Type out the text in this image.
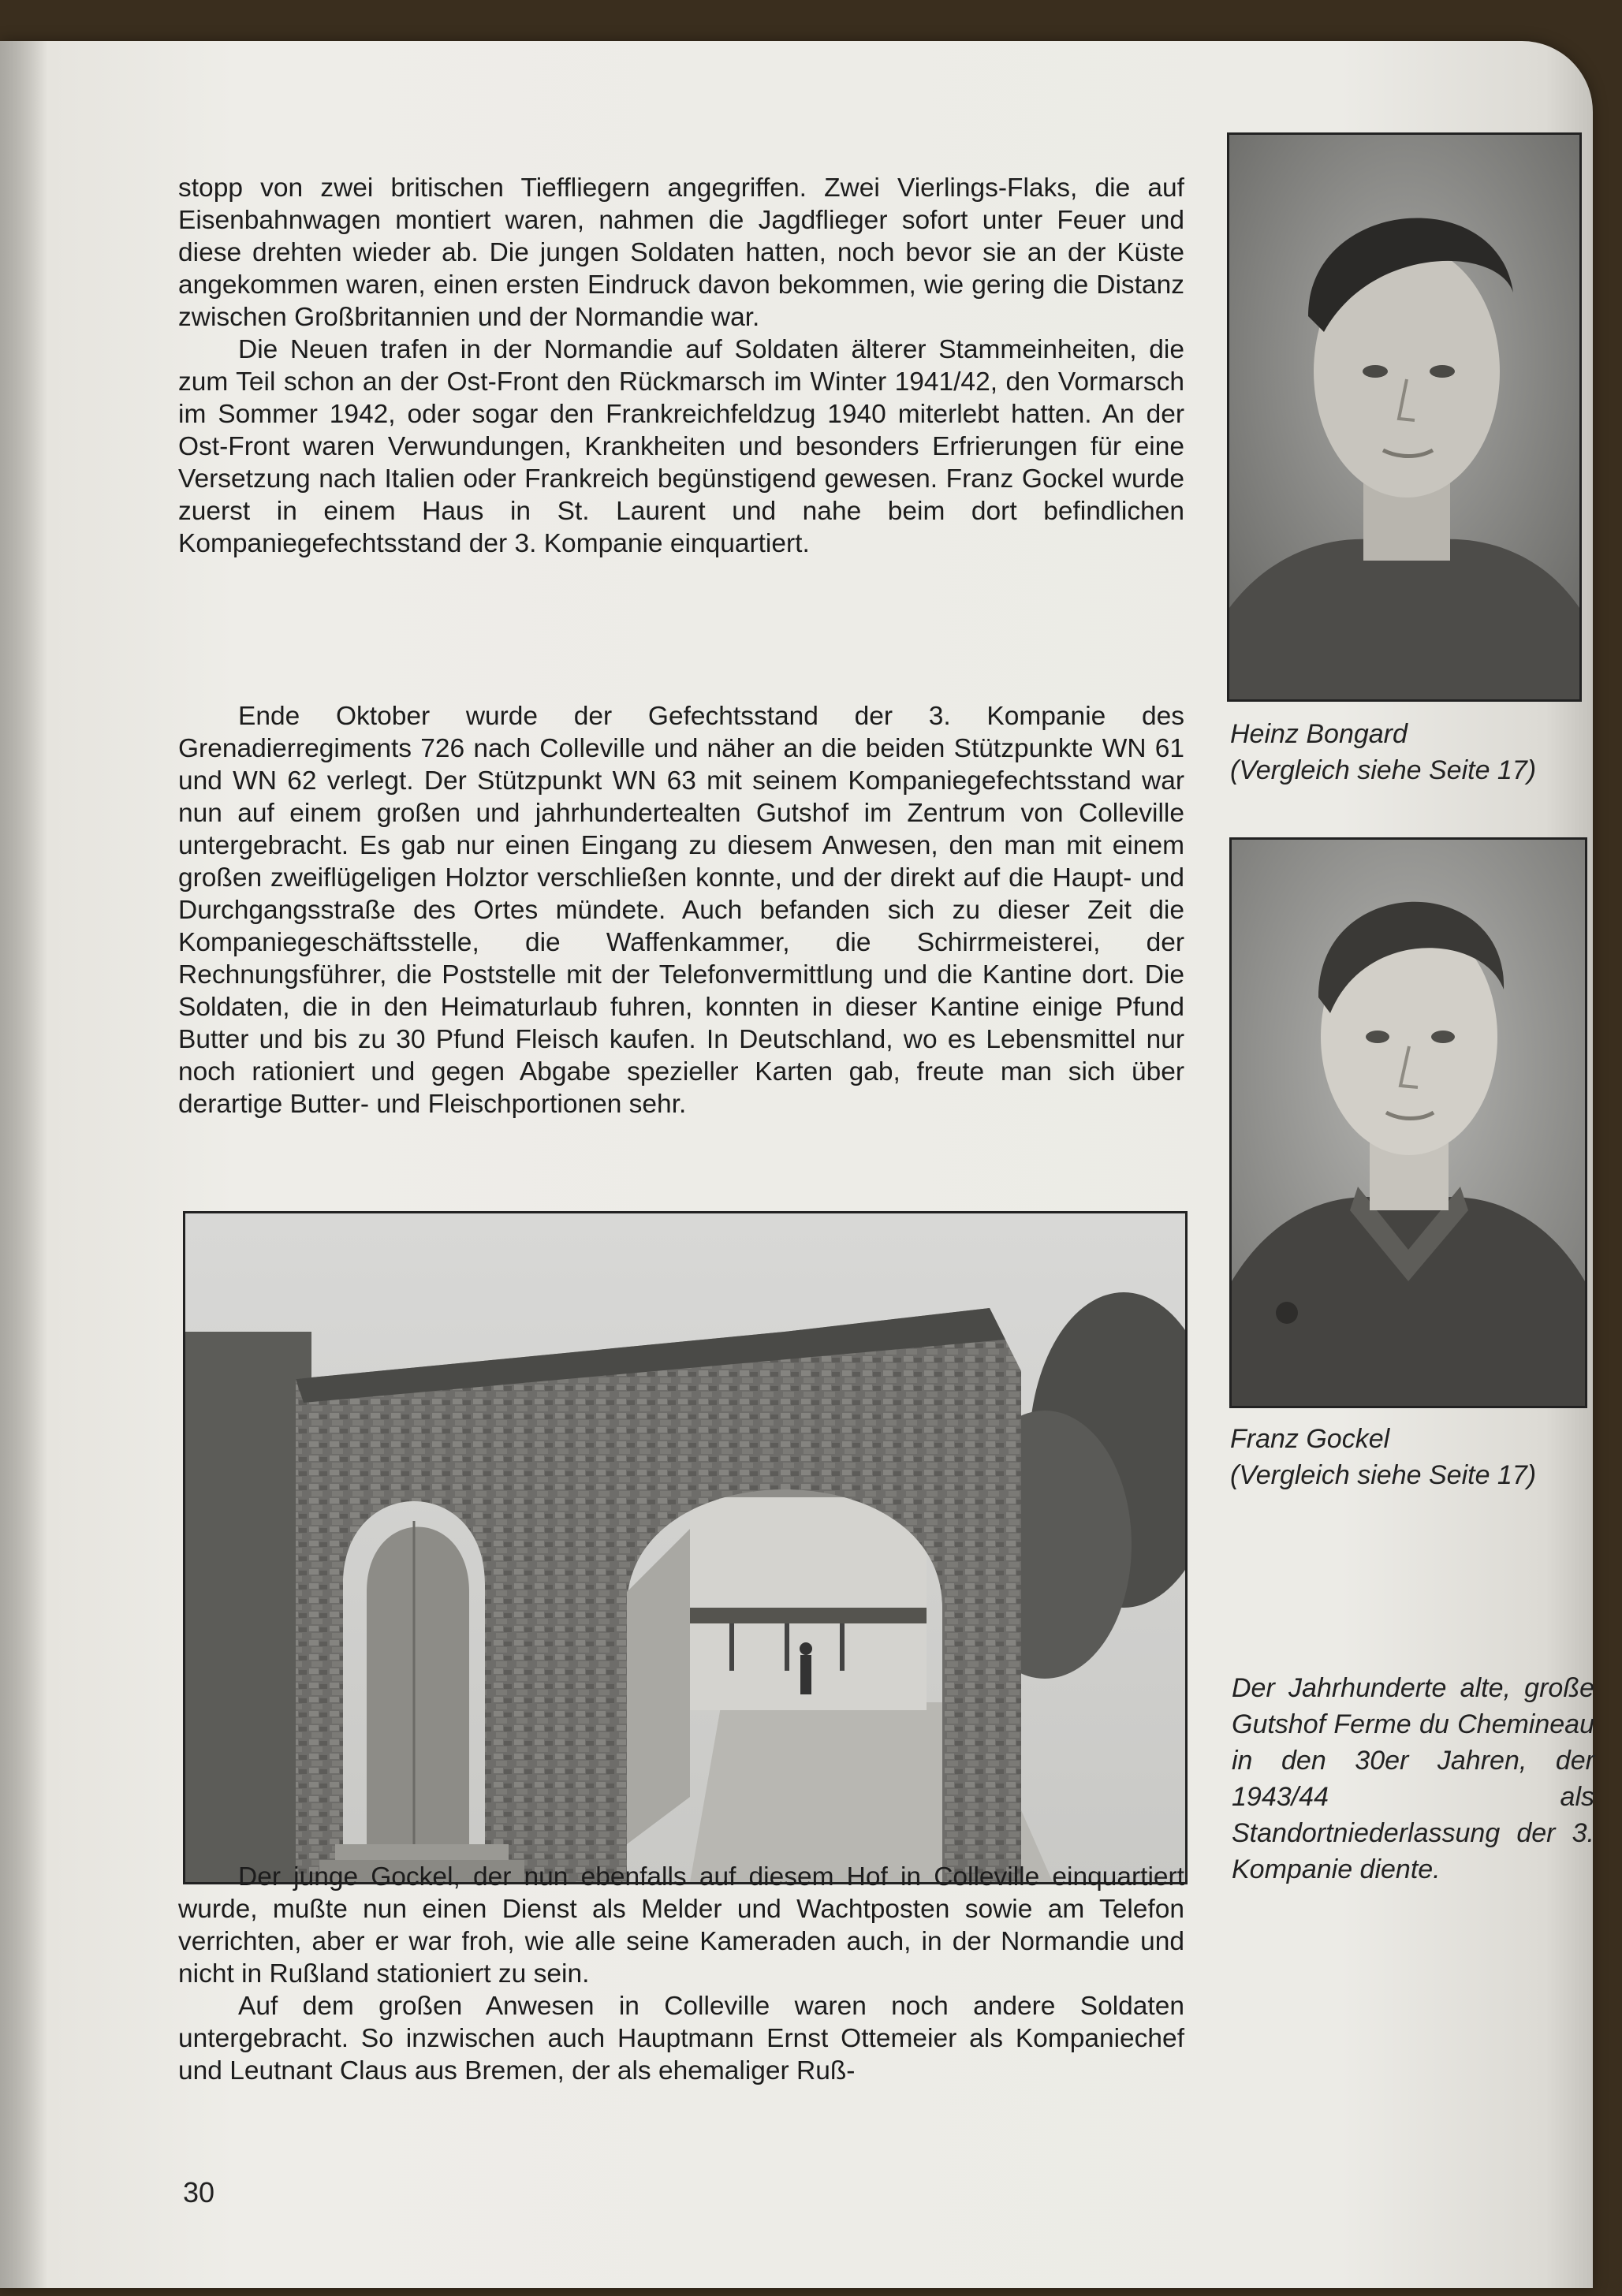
stopp von zwei britischen Tieffliegern angegriffen. Zwei Vierlings-Flaks, die auf Eisenbahnwagen montiert waren, nahmen die Jagdflieger sofort unter Feuer und diese drehten wieder ab. Die jungen Soldaten hatten, noch bevor sie an der Küste angekommen waren, einen ersten Eindruck davon bekommen, wie gering die Distanz zwischen Großbritannien und der Normandie war.

Die Neuen trafen in der Normandie auf Soldaten älterer Stammeinheiten, die zum Teil schon an der Ost-Front den Rückmarsch im Winter 1941/42, den Vormarsch im Sommer 1942, oder sogar den Frankreichfeldzug 1940 miterlebt hatten. An der Ost-Front waren Verwundungen, Krankheiten und besonders Erfrierungen für eine Versetzung nach Italien oder Frankreich begünstigend gewesen. Franz Gockel wurde zuerst in einem Haus in St. Laurent und nahe beim dort befindlichen Kompaniegefechtsstand der 3. Kompanie einquartiert.

Ende Oktober wurde der Gefechtsstand der 3. Kompanie des Grenadierregiments 726 nach Colleville und näher an die beiden Stützpunkte WN 61 und WN 62 verlegt. Der Stützpunkt WN 63 mit seinem Kompaniegefechtsstand war nun auf einem großen und jahrhundertealten Gutshof im Zentrum von Colleville untergebracht. Es gab nur einen Eingang zu diesem Anwesen, den man mit einem großen zweiflügeligen Holztor verschließen konnte, und der direkt auf die Haupt- und Durchgangsstraße des Ortes mündete. Auch befanden sich zu dieser Zeit die Kompaniegeschäftsstelle, die Waffenkammer, die Schirrmeisterei, der Rechnungsführer, die Poststelle mit der Telefonvermittlung und die Kantine dort. Die Soldaten, die in den Heimaturlaub fuhren, konnten in dieser Kantine einige Pfund Butter und bis zu 30 Pfund Fleisch kaufen. In Deutschland, wo es Lebensmittel nur noch rationiert und gegen Abgabe spezieller Karten gab, freute man sich über derartige Butter- und Fleischportionen sehr.

Der junge Gockel, der nun ebenfalls auf diesem Hof in Colleville einquartiert wurde, mußte nun einen Dienst als Melder und Wachtposten sowie am Telefon verrichten, aber er war froh, wie alle seine Kameraden auch, in der Normandie und nicht in Rußland stationiert zu sein.

Auf dem großen Anwesen in Colleville waren noch andere Soldaten untergebracht. So inzwischen auch Hauptmann Ernst Ottemeier als Kompaniechef und Leutnant Claus aus Bremen, der als ehemaliger Ruß-

Heinz Bongard
(Vergleich siehe Seite 17)

Franz Gockel
(Vergleich siehe Seite 17)

Der Jahrhunderte alte, große Gutshof Ferme du Chemineau in den 30er Jahren, der 1943/44 als Standortniederlassung der 3. Kompanie diente.

30
